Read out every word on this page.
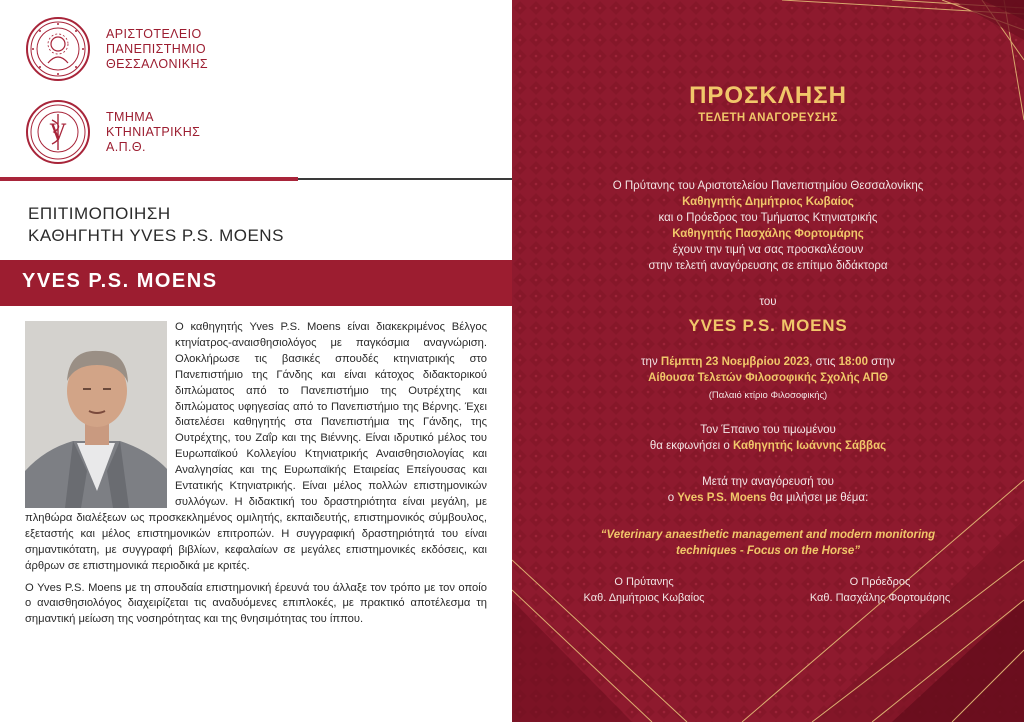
ΑΡΙΣΤΟΤΕΛΕΙΟ
ΠΑΝΕΠΙΣΤΗΜΙΟ
ΘΕΣΣΑΛΟΝΙΚΗΣ
V
ΤΜΗΜΑ
ΚΤΗΝΙΑΤΡΙΚΗΣ
Α.Π.Θ.
ΕΠΙΤΙΜΟΠΟΙΗΣΗ
ΚΑΘΗΓΗΤΗ YVES P.S. MOENS
YVES P.S. MOENS

Ο καθηγητής Yves P.S. Moens είναι διακεκριμένος Βέλγος κτηνίατρος-αναισθησιολόγος με παγκόσμια αναγνώριση. Ολοκλήρωσε τις βασικές σπουδές κτηνιατρικής στο Πανεπιστήμιο της Γάνδης και είναι κάτοχος διδακτορικού διπλώματος από το Πανεπιστήμιο της Ουτρέχτης και διπλώματος υφηγεσίας από το Πανεπιστήμιο της Βέρνης. Έχει διατελέσει καθηγητής στα Πανεπιστήμια της Γάνδης, της Ουτρέχτης, του Ζαΐρ και της Βιέννης. Είναι ιδρυτικό μέλος του Ευρωπαϊκού Κολλεγίου Κτηνιατρικής Αναισθησιολογίας και Αναλγησίας και της Ευρωπαϊκής Εταιρείας Επείγουσας και Εντατικής Κτηνιατρικής. Είναι μέλος πολλών επιστημονικών συλλόγων. Η διδακτική του δραστηριότητα είναι μεγάλη, με πληθώρα διαλέξεων ως προσκεκλημένος ομιλητής, εκπαιδευτής, επιστημονικός σύμβουλος, εξεταστής και μέλος επιστημονικών επιτροπών. Η συγγραφική δραστηριότητά του είναι σημαντικότατη, με συγγραφή βιβλίων, κεφαλαίων σε μεγάλες επιστημονικές εκδόσεις, και άρθρων σε επιστημονικά περιοδικά με κριτές.

Ο Yves P.S. Moens με τη σπουδαία επιστημονική έρευνά του άλλαξε τον τρόπο με τον οποίο ο αναισθησιολόγος διαχειρίζεται τις αναδυόμενες επιπλοκές, με πρακτικό αποτέλεσμα τη σημαντική μείωση της νοσηρότητας και της θνησιμότητας του ίππου.

ΠΡΟΣΚΛΗΣΗ
ΤΕΛΕΤΗ ΑΝΑΓΟΡΕΥΣΗΣ
Ο Πρύτανης του Αριστοτελείου Πανεπιστημίου Θεσσαλονίκης
Καθηγητής Δημήτριος Κωβαίος
και ο Πρόεδρος του Τμήματος Κτηνιατρικής
Καθηγητής Πασχάλης Φορτομάρης
έχουν την τιμή να σας προσκαλέσουν
στην τελετή αναγόρευσης σε επίτιμο διδάκτορα
του
YVES P.S. MOENS
την Πέμπτη 23 Νοεμβρίου 2023, στις 18:00 στην
Αίθουσα Τελετών Φιλοσοφικής Σχολής ΑΠΘ
(Παλαιό κτίριο Φιλοσοφικής)
Τον Έπαινο του τιμωμένου
θα εκφωνήσει ο Καθηγητής Ιωάννης Σάββας
Μετά την αναγόρευσή του
ο Yves P.S. Moens θα μιλήσει με θέμα:
“Veterinary anaesthetic management and modern monitoring
techniques - Focus on the Horse”
Ο Πρύτανης
Καθ. Δημήτριος Κωβαίος
Ο Πρόεδρος
Καθ. Πασχάλης Φορτομάρης
